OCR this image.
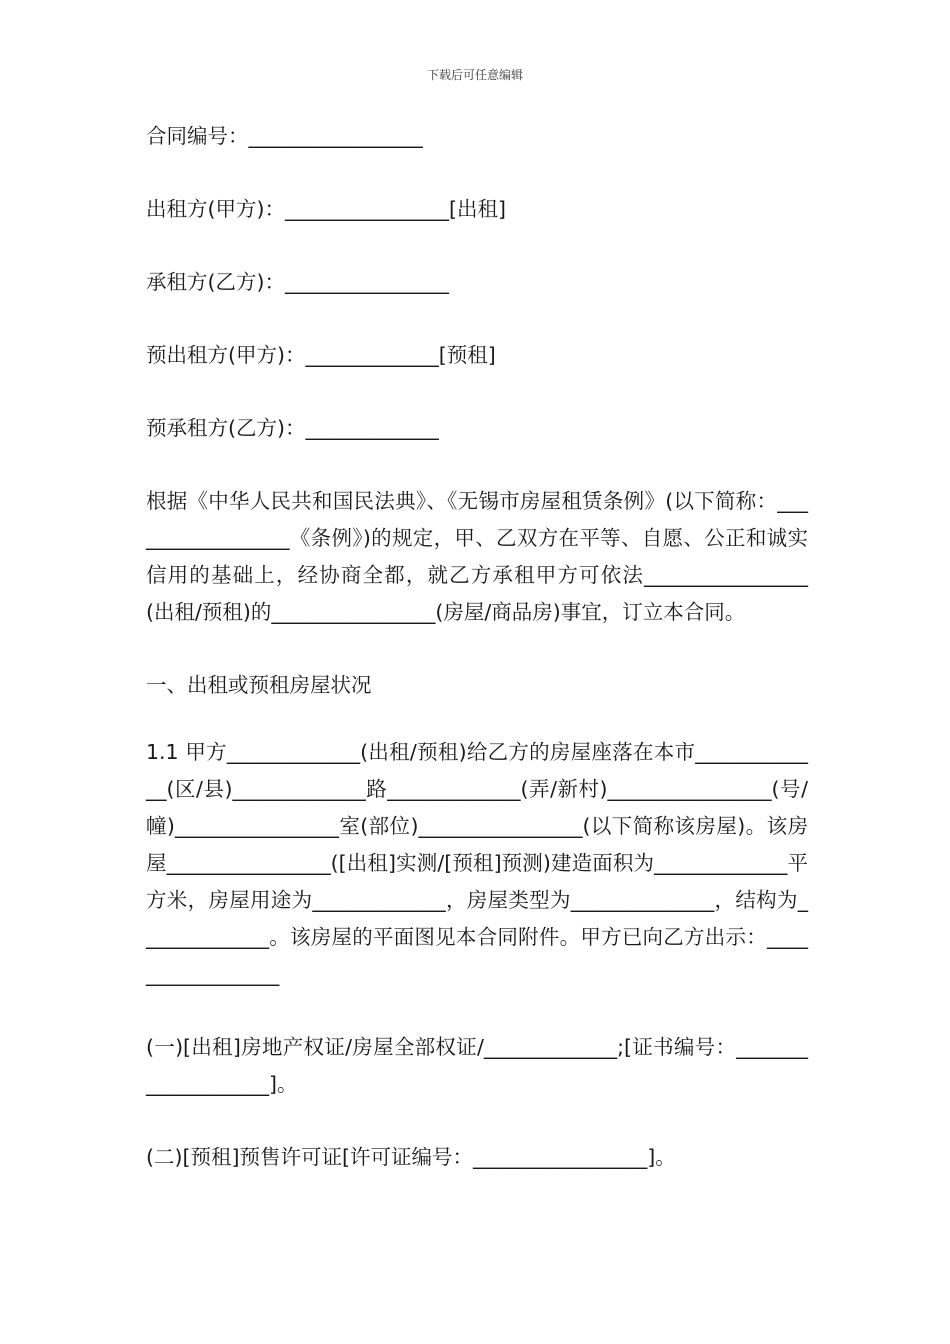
下载后可任意编辑

合同编号：_________________

出租方(甲方)：________________[出租]

承租方(乙方)：________________

预出租方(甲方)：_____________[预租]

预承租方(乙方)：_____________

根据《中华人民共和国民法典》、《无锡市房屋租赁条例》(以下简称：_________________《条例》)的规定，甲、乙双方在平等、自愿、公正和诚实信用的基础上，经协商全都，就乙方承租甲方可依法________________(出租/预租)的________________(房屋/商品房)事宜，订立本合同。

一、出租或预租房屋状况

1.1 甲方_____________(出租/预租)给乙方的房屋座落在本市_____________(区/县)_____________路_____________(弄/新村)________________(号/幢)________________室(部位)________________(以下简称该房屋)。该房屋________________([出租]实测/[预租]预测)建造面积为_____________平方米，房屋用途为_____________，房屋类型为______________，结构为_____________。该房屋的平面图见本合同附件。甲方已向乙方出示：_________________

(一)[出租]房地产权证/房屋全部权证/_____________;[证书编号：___________________]。

(二)[预租]预售许可证[许可证编号：_________________]。
